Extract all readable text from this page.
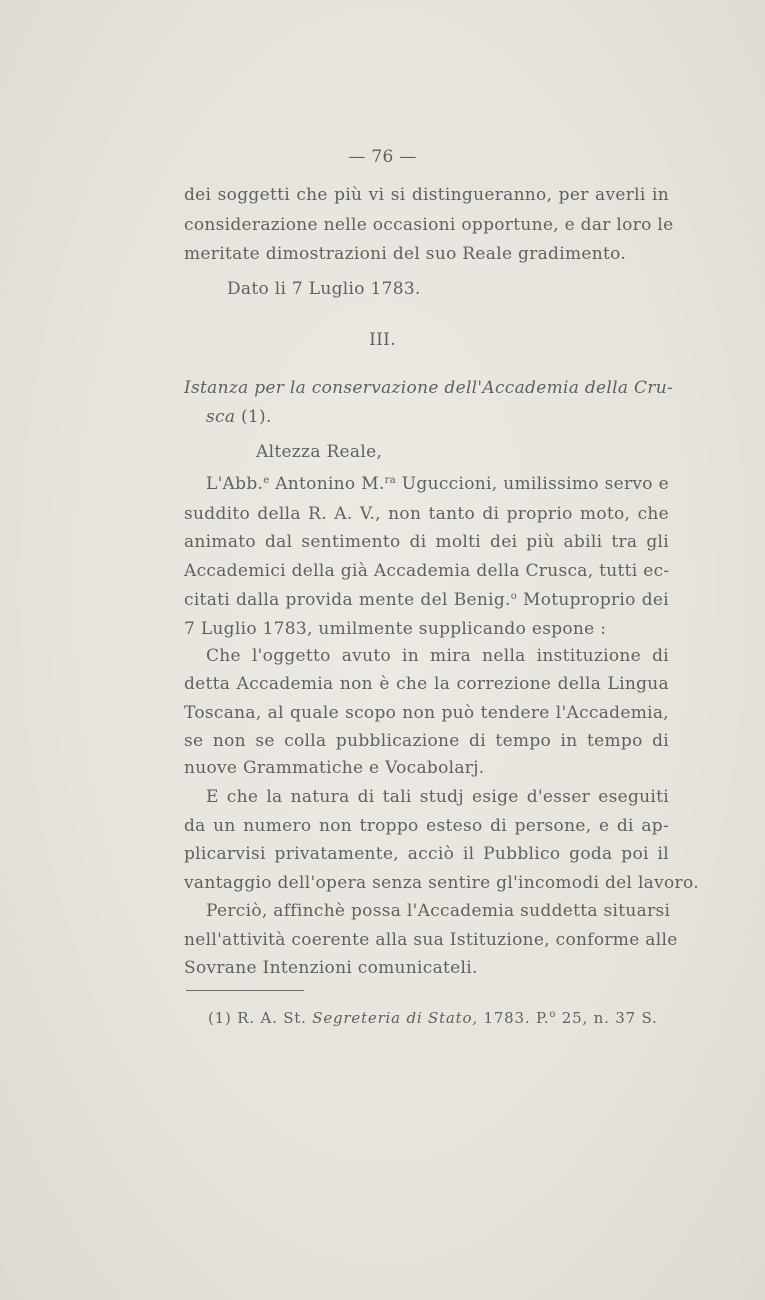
— 76 —
dei soggetti che più vi si distingueranno, per averli in
considerazione nelle occasioni opportune, e dar loro le
meritate dimostrazioni del suo Reale gradimento.
Dato li 7 Luglio 1783.
III.
Istanza per la conservazione dell'Accademia della Cru-
sca (1).
Altezza Reale,
L'Abb.$^e$ Antonino M.$^{ra}$ Uguccioni, umilissimo servo e
suddito della R. A. V., non tanto di proprio moto, che
animato dal sentimento di molti dei più abili tra gli
Accademici della già Accademia della Crusca, tutti ec-
citati dalla provida mente del Benig.$^o$ Motuproprio dei
7 Luglio 1783, umilmente supplicando espone :
Che l'oggetto avuto in mira nella instituzione di
detta Accademia non è che la correzione della Lingua
Toscana, al quale scopo non può tendere l'Accademia,
se non se colla pubblicazione di tempo in tempo di
nuove Grammatiche e Vocabolarj.
E che la natura di tali studj esige d'esser eseguiti
da un numero non troppo esteso di persone, e di ap-
plicarvisi privatamente, acciò il Pubblico goda poi il
vantaggio dell'opera senza sentire gl'incomodi del lavoro.
Perciò, affinchè possa l'Accademia suddetta situarsi
nell'attività coerente alla sua Istituzione, conforme alle
Sovrane Intenzioni comunicateli.
(1) R. A. St. Segreteria di Stato, 1783. P.$^o$ 25, n. 37 S.
